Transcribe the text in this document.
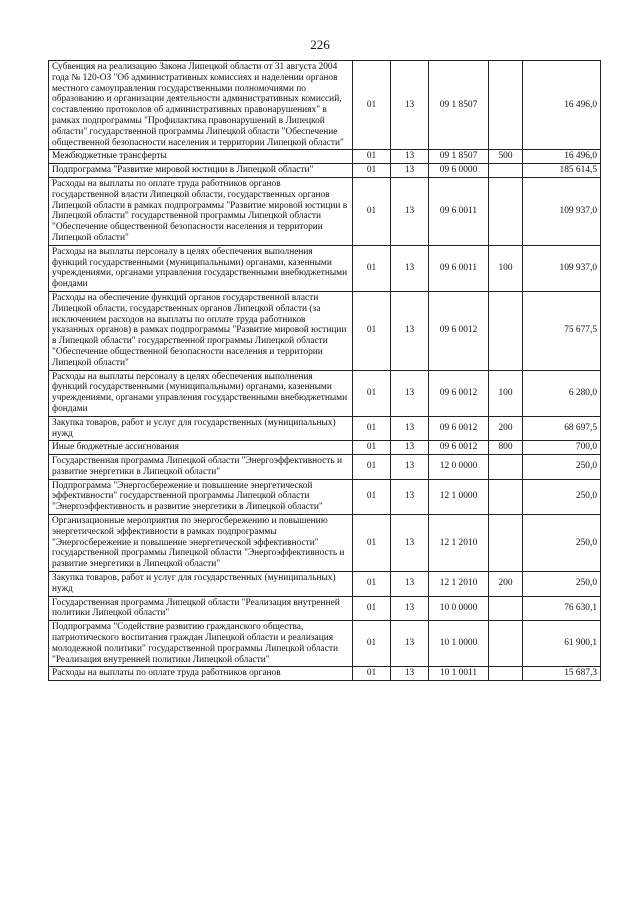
226
Субвенция на реализацию Закона Липецкой области от 31 августа 2004 года № 120-ОЗ "Об административных комиссиях и наделении органов местного самоуправления государственными полномочиями по образованию и организации деятельности административных комиссий, составлению протоколов об административных правонарушениях" в рамках подпрограммы "Профилактика правонарушений в Липецкой области" государственной программы Липецкой области "Обеспечение общественной безопасности населения и территории Липецкой области"	01	13	09 1 8507		16 496,0
Межбюджетные трансферты	01	13	09 1 8507	500	16 496,0
Подпрограмма "Развитие мировой юстиции в Липецкой области"	01	13	09 6 0000		185 614,5
Расходы на выплаты по оплате труда работников органов государственной власти Липецкой области, государственных органов Липецкой области в рамках подпрограммы "Развитие мировой юстиции в Липецкой области" государственной программы Липецкой области "Обеспечение общественной безопасности населения и территории Липецкой области"	01	13	09 6 0011		109 937,0
Расходы на выплаты персоналу в целях обеспечения выполнения функций государственными (муниципальными) органами, казенными учреждениями, органами управления государственными внебюджетными фондами	01	13	09 6 0011	100	109 937,0
Расходы на обеспечение функций органов государственной власти Липецкой области, государственных органов Липецкой области (за исключением расходов на выплаты по оплате труда работников указанных органов) в рамках подпрограммы "Развитие мировой юстиции в Липецкой области" государственной программы Липецкой области "Обеспечение общественной безопасности населения и территории Липецкой области"	01	13	09 6 0012		75 677,5
Расходы на выплаты персоналу в целях обеспечения выполнения функций государственными (муниципальными) органами, казенными учреждениями, органами управления государственными внебюджетными фондами	01	13	09 6 0012	100	6 280,0
Закупка товаров, работ и услуг для государственных (муниципальных) нужд	01	13	09 6 0012	200	68 697,5
Иные бюджетные ассигнования	01	13	09 6 0012	800	700,0
Государственная программа Липецкой области "Энергоэффективность и развитие энергетики в Липецкой области"	01	13	12 0 0000		250,0
Подпрограмма "Энергосбережение и повышение энергетической эффективности" государственной программы Липецкой области "Энергоэффективность и развитие энергетики в Липецкой области"	01	13	12 1 0000		250,0
Организационные мероприятия по энергосбережению и повышению энергетической эффективности в рамках подпрограммы "Энергосбережение и повышение энергетической эффективности" государственной программы Липецкой области "Энергоэффективность и развитие энергетики в Липецкой области"	01	13	12 1 2010		250,0
Закупка товаров, работ и услуг для государственных (муниципальных) нужд	01	13	12 1 2010	200	250,0
Государственная программа Липецкой области "Реализация внутренней политики Липецкой области"	01	13	10 0 0000		76 630,1
Подпрограмма "Содействие развитию гражданского общества, патриотического воспитания граждан Липецкой области и реализация молодежной политики" государственной программы Липецкой области "Реализация внутренней политики Липецкой области"	01	13	10 1 0000		61 900,1
Расходы на выплаты по оплате труда работников органов	01	13	10 1 0011		15 687,3
